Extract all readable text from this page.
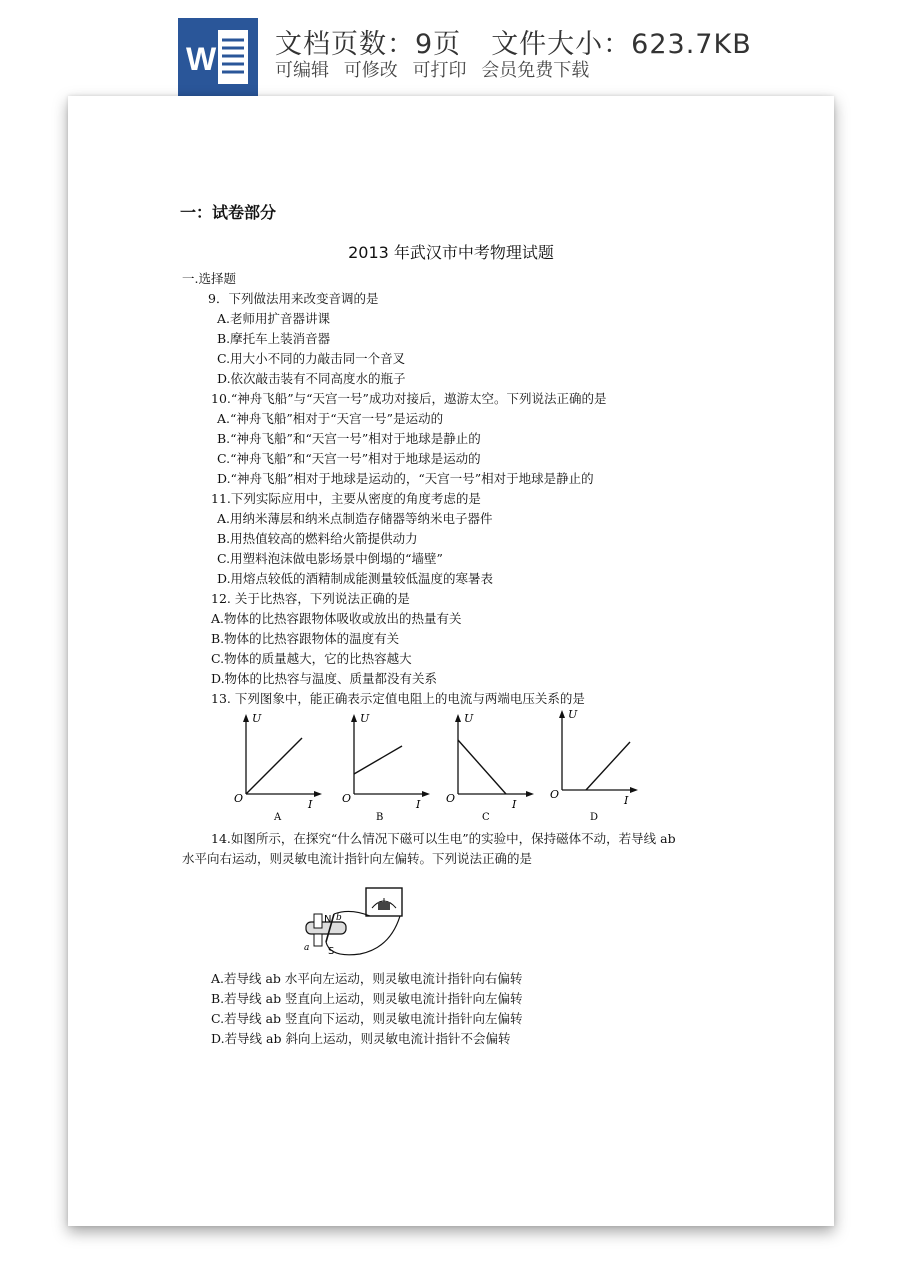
W 文档页数：9页 文件大小：623.7KB
可编辑 可修改 可打印 会员免费下载
一：试卷部分
2013 年武汉市中考物理试题
一.选择题
9．下列做法用来改变音调的是
A.老师用扩音器讲课
B.摩托车上装消音器
C.用大小不同的力敲击同一个音叉
D.依次敲击装有不同高度水的瓶子
10.“神舟飞船”与“天宫一号”成功对接后，遨游太空。下列说法正确的是
A.“神舟飞船”相对于“天宫一号”是运动的
B.“神舟飞船”和“天宫一号”相对于地球是静止的
C.“神舟飞船”和“天宫一号”相对于地球是运动的
D.“神舟飞船”相对于地球是运动的，“天宫一号”相对于地球是静止的
11.下列实际应用中，主要从密度的角度考虑的是
A.用纳米薄层和纳米点制造存储器等纳米电子器件
B.用热值较高的燃料给火箭提供动力
C.用塑料泡沫做电影场景中倒塌的“墙壁”
D.用熔点较低的酒精制成能测量较低温度的寒暑表
12. 关于比热容，下列说法正确的是
A.物体的比热容跟物体吸收或放出的热量有关
B.物体的比热容跟物体的温度有关
C.物体的质量越大，它的比热容越大
D.物体的比热容与温度、质量都没有关系
13. 下列图象中，能正确表示定值电阻上的电流与两端电压关系的是
U
O	I
A
U
O	I
B
U
O	I
C
U
O	I
D
14.如图所示，在探究“什么情况下磁可以生电”的实验中，保持磁体不动，若导线 ab
水平向右运动，则灵敏电流计指针向左偏转。下列说法正确的是
N
S
b
a
A.若导线 ab 水平向左运动，则灵敏电流计指针向右偏转
B.若导线 ab 竖直向上运动，则灵敏电流计指针向左偏转
C.若导线 ab 竖直向下运动，则灵敏电流计指针向左偏转
D.若导线 ab 斜向上运动，则灵敏电流计指针不会偏转
